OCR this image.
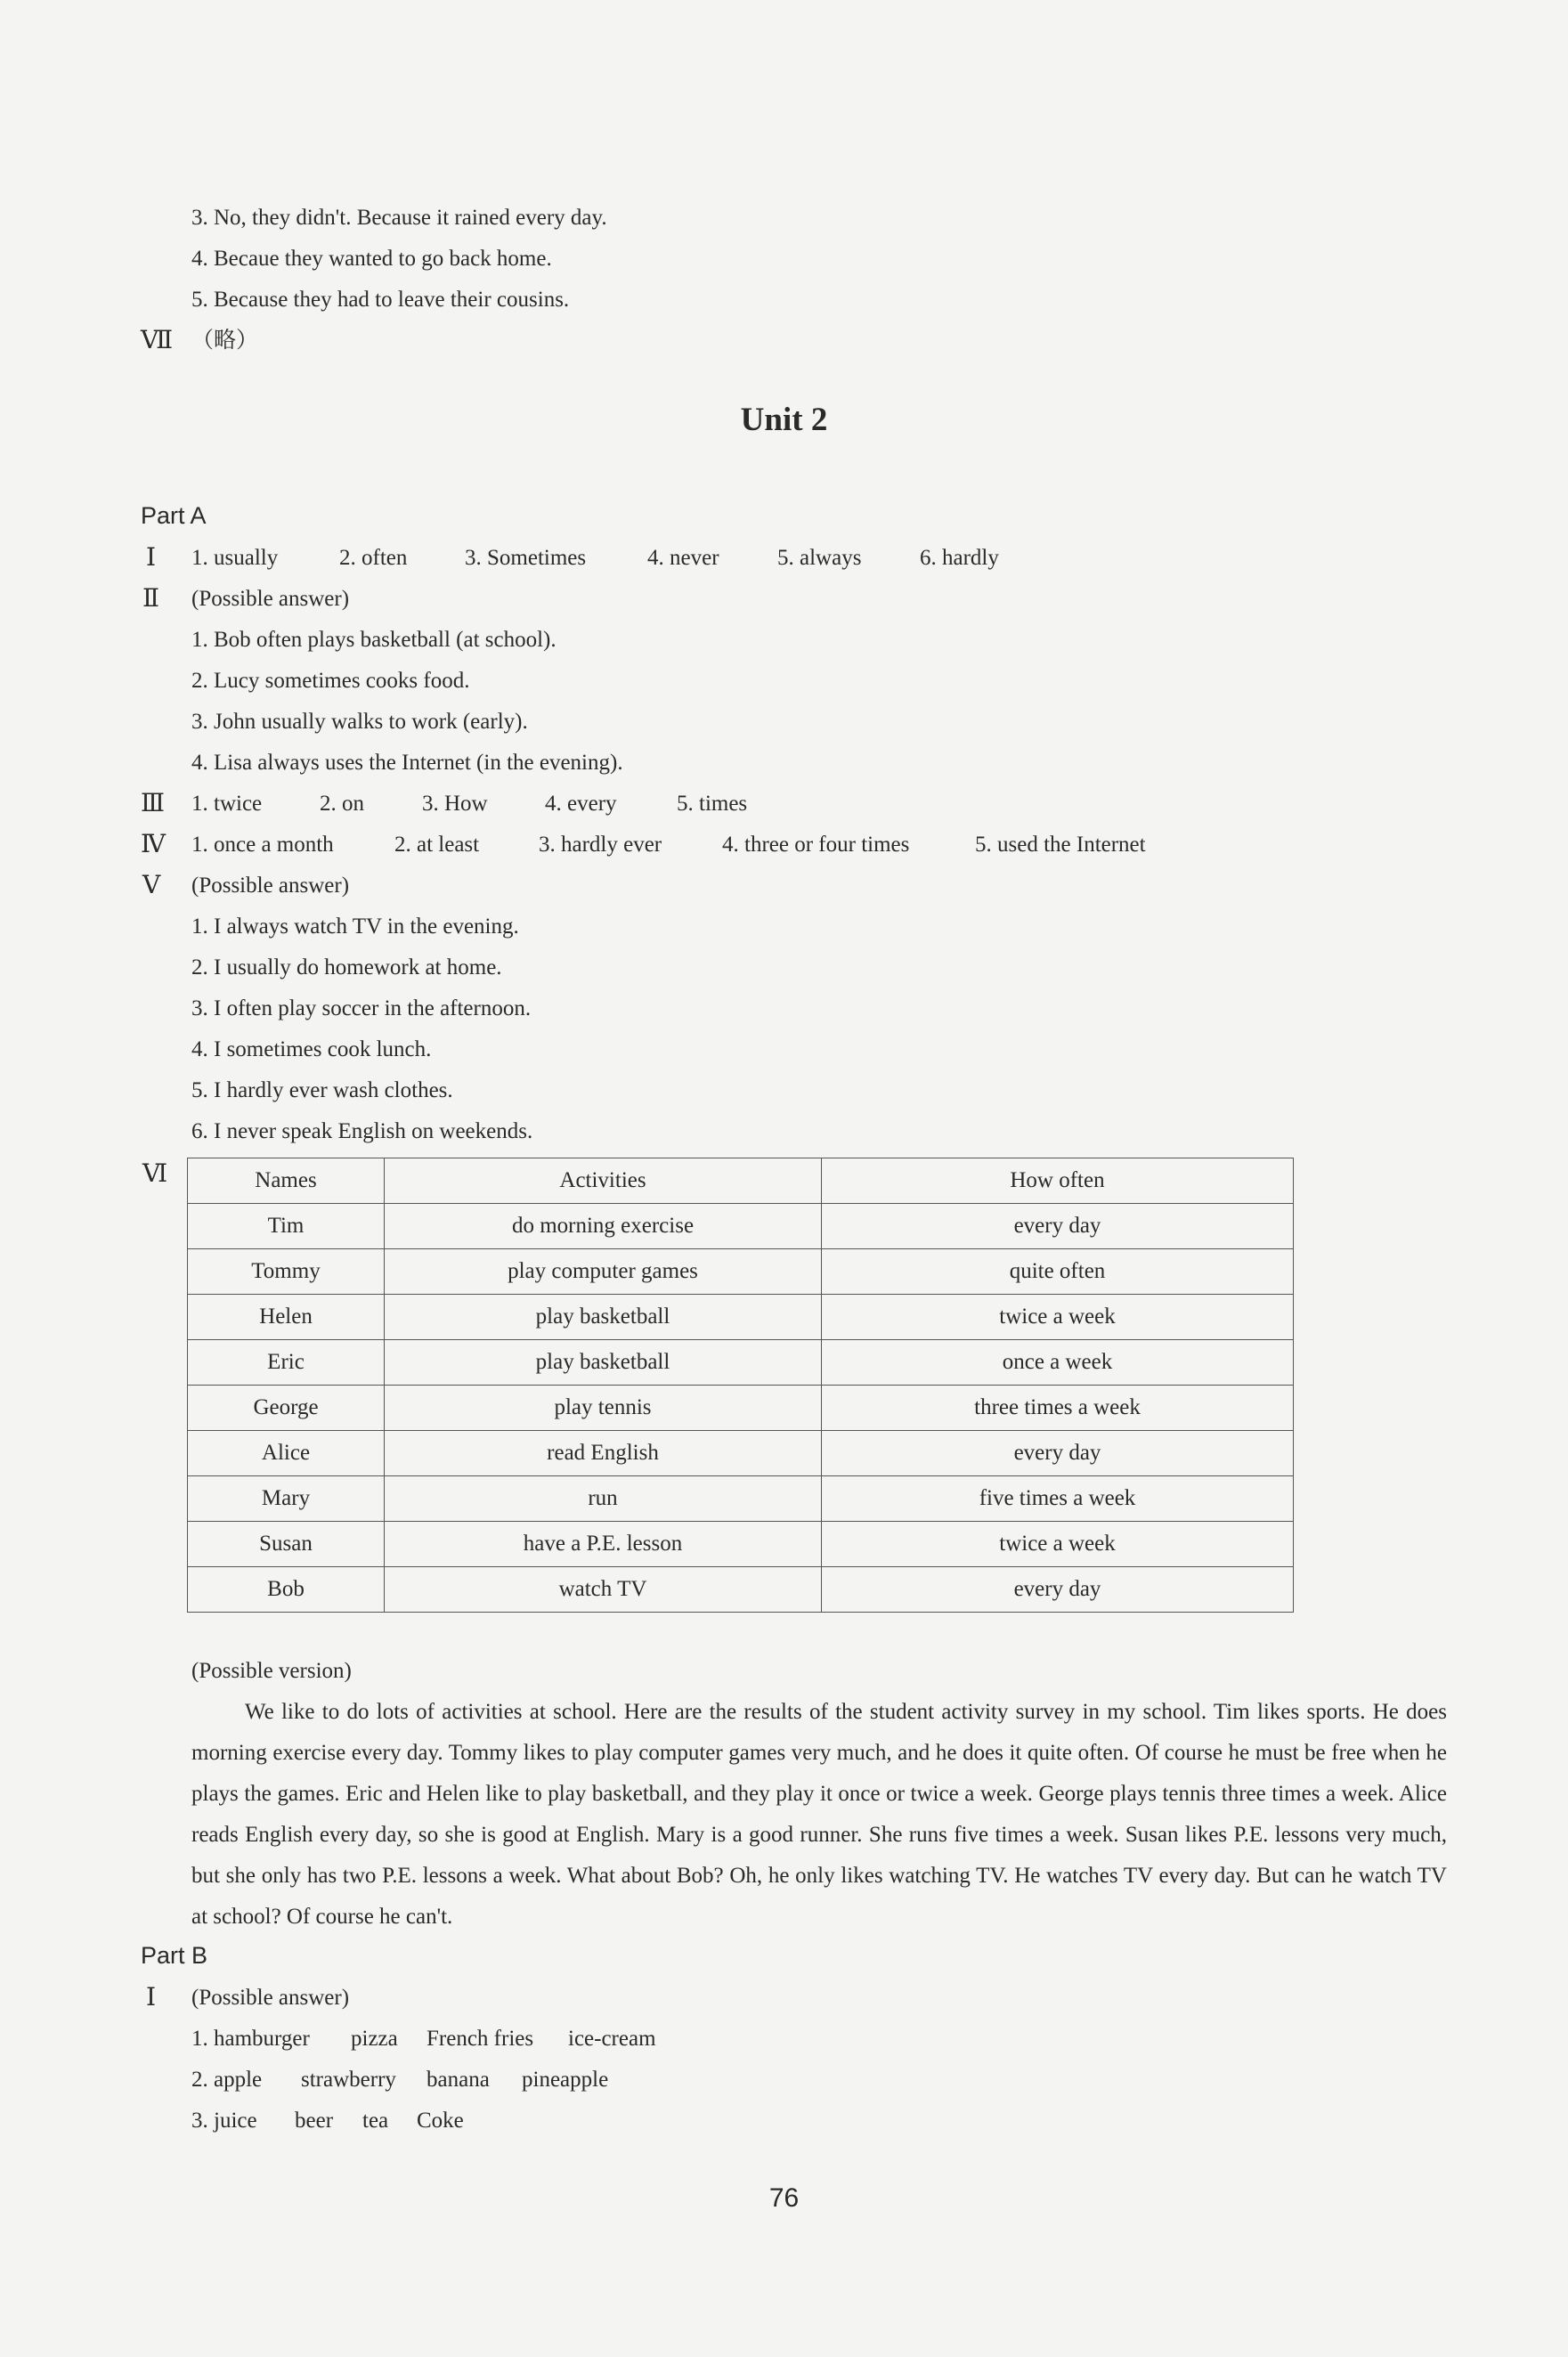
3. No, they didn't. Because it rained every day.
4. Becaue they wanted to go back home.
5. Because they had to leave their cousins.
Ⅶ （略）
Unit 2
Part A
Ⅰ 1. usually	2. often	3. Sometimes	4. never	5. always	6. hardly
Ⅱ (Possible answer)
1. Bob often plays basketball (at school).
2. Lucy sometimes cooks food.
3. John usually walks to work (early).
4. Lisa always uses the Internet (in the evening).
Ⅲ 1. twice	2. on	3. How	4. every	5. times
Ⅳ 1. once a month	2. at least	3. hardly ever	4. three or four times	5. used the Internet
Ⅴ (Possible answer)
1. I always watch TV in the evening.
2. I usually do homework at home.
3. I often play soccer in the afternoon.
4. I sometimes cook lunch.
5. I hardly ever wash clothes.
6. I never speak English on weekends.
Ⅵ	Names	Activities	How often
Tim	do morning exercise	every day
Tommy	play computer games	quite often
Helen	play basketball	twice a week
Eric	play basketball	once a week
George	play tennis	three times a week
Alice	read English	every day
Mary	run	five times a week
Susan	have a P.E. lesson	twice a week
Bob	watch TV	every day
(Possible version)
We like to do lots of activities at school. Here are the results of the student activity survey in my school. Tim likes sports. He does morning exercise every day. Tommy likes to play computer games very much, and he does it quite often. Of course he must be free when he plays the games. Eric and Helen like to play basketball, and they play it once or twice a week. George plays tennis three times a week. Alice reads English every day, so she is good at English. Mary is a good runner. She runs five times a week. Susan likes P.E. lessons very much, but she only has two P.E. lessons a week. What about Bob? Oh, he only likes watching TV. He watches TV every day. But can he watch TV at school? Of course he can't.
Part B
Ⅰ (Possible answer)
1. hamburger pizza French fries ice-cream
2. apple strawberry banana pineapple
3. juice beer tea Coke
76
